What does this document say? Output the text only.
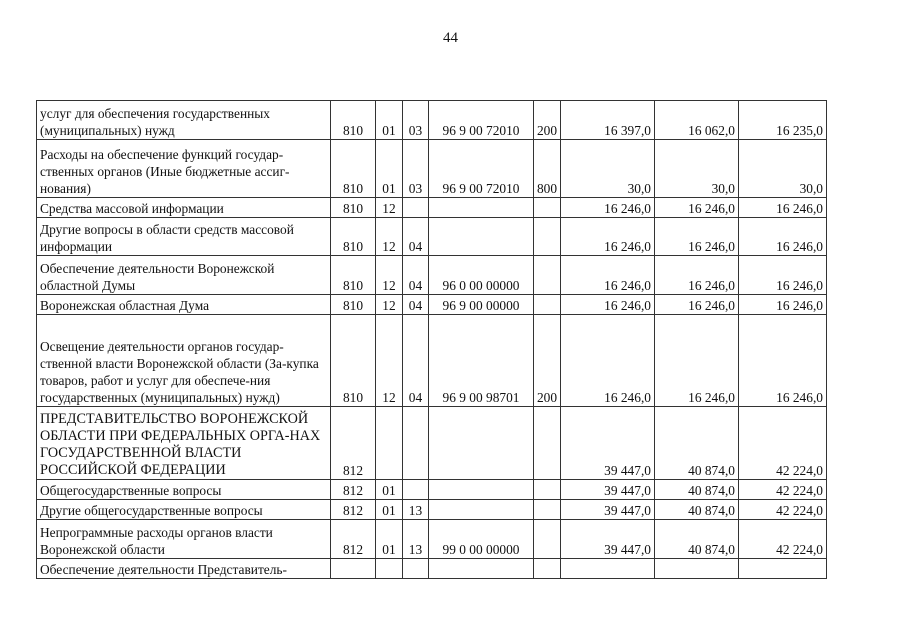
44
услуг для обеспечения государственных (муниципальных) нужд	810	01	03	96 9 00 72010	200	16 397,0	16 062,0	16 235,0
Расходы на обеспечение функций государ-ственных органов (Иные бюджетные ассиг-нования)	810	01	03	96 9 00 72010	800	30,0	30,0	30,0
Средства массовой информации	810	12				16 246,0	16 246,0	16 246,0
Другие вопросы в области средств массовой информации	810	12	04			16 246,0	16 246,0	16 246,0
Обеспечение деятельности Воронежской областной Думы	810	12	04	96 0 00 00000		16 246,0	16 246,0	16 246,0
Воронежская областная Дума	810	12	04	96 9 00 00000		16 246,0	16 246,0	16 246,0
Освещение деятельности органов государ-ственной власти Воронежской области (За-купка товаров, работ и услуг для обеспече-ния государственных (муниципальных) нужд)	810	12	04	96 9 00 98701	200	16 246,0	16 246,0	16 246,0
ПРЕДСТАВИТЕЛЬСТВО ВОРОНЕЖСКОЙ ОБЛАСТИ ПРИ ФЕДЕРАЛЬНЫХ ОРГА-НАХ ГОСУДАРСТВЕННОЙ ВЛАСТИ РОССИЙСКОЙ ФЕДЕРАЦИИ	812					39 447,0	40 874,0	42 224,0
Общегосударственные вопросы	812	01				39 447,0	40 874,0	42 224,0
Другие общегосударственные вопросы	812	01	13			39 447,0	40 874,0	42 224,0
Непрограммные расходы органов власти Воронежской области	812	01	13	99 0 00 00000		39 447,0	40 874,0	42 224,0
Обеспечение деятельности Представитель-								
